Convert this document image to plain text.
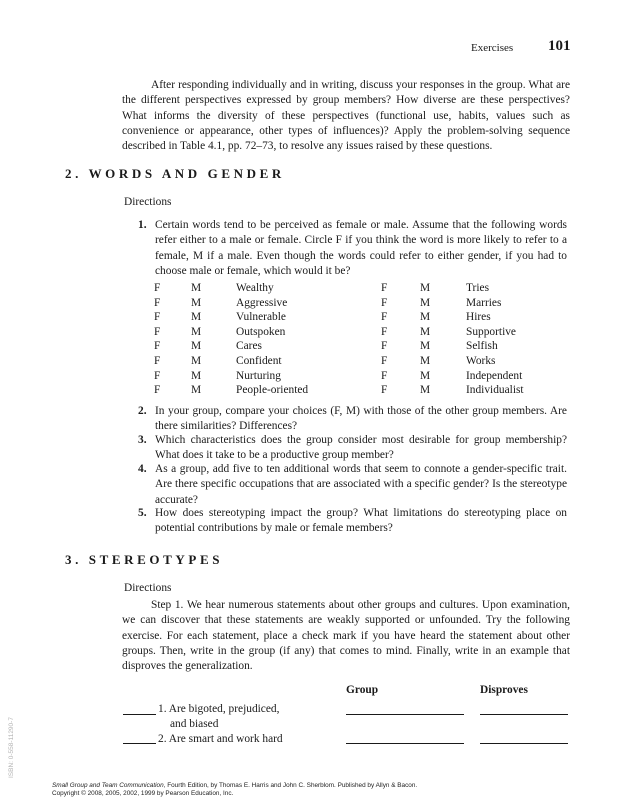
Exercises 101
After responding individually and in writing, discuss your responses in the group. What are the different perspectives expressed by group members? How diverse are these perspectives? What informs the diversity of these perspectives (functional use, habits, values such as convenience or appearance, other types of influences)? Apply the problem-solving sequence described in Table 4.1, pp. 72–73, to resolve any issues raised by these questions.
2. WORDS AND GENDER
Directions
1. Certain words tend to be perceived as female or male. Assume that the following words refer either to a male or female. Circle F if you think the word is more likely to refer to a female, M if a male. Even though the words could refer to either gender, if you had to choose male or female, which would it be?
F	M	Wealthy	F	M	Tries
F	M	Aggressive	F	M	Marries
F	M	Vulnerable	F	M	Hires
F	M	Outspoken	F	M	Supportive
F	M	Cares	F	M	Selfish
F	M	Confident	F	M	Works
F	M	Nurturing	F	M	Independent
F	M	People-oriented	F	M	Individualist
2. In your group, compare your choices (F, M) with those of the other group members. Are there similarities? Differences?
3. Which characteristics does the group consider most desirable for group membership? What does it take to be a productive group member?
4. As a group, add five to ten additional words that seem to connote a gender-specific trait. Are there specific occupations that are associated with a specific gender? Is the stereotype accurate?
5. How does stereotyping impact the group? What limitations do stereotyping place on potential contributions by male or female members?
3. STEREOTYPES
Directions
Step 1. We hear numerous statements about other groups and cultures. Upon examination, we can discover that these statements are weakly supported or unfounded. Try the following exercise. For each statement, place a check mark if you have heard the statement about other groups. Then, write in the group (if any) that comes to mind. Finally, write in an example that disproves the generalization.
Group	Disproves
1. Are bigoted, prejudiced,
and biased
2. Are smart and work hard
ISBN: 0-558-11290-7
Small Group and Team Communication, Fourth Edition, by Thomas E. Harris and John C. Sherblom. Published by Allyn & Bacon.
Copyright © 2008, 2005, 2002, 1999 by Pearson Education, Inc.
